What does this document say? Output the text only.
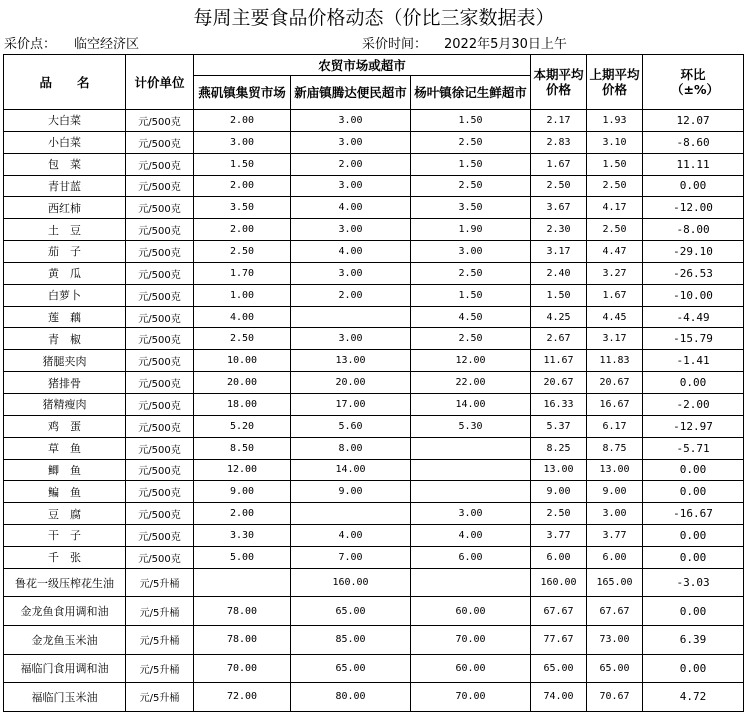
每周主要食品价格动态（价比三家数据表）
采价点： 临空经济区	采价时间： 2022年5月30日上午
品　　名	计价单位	农贸市场或超市			本期平均价格	上期平均价格	环比（±%）
		燕矶镇集贸市场	新庙镇腾达便民超市	杨叶镇徐记生鲜超市			
大白菜	元/500克	2.00	3.00	1.50	2.17	1.93	12.07
小白菜	元/500克	3.00	3.00	2.50	2.83	3.10	-8.60
包　菜	元/500克	1.50	2.00	1.50	1.67	1.50	11.11
青甘蓝	元/500克	2.00	3.00	2.50	2.50	2.50	0.00
西红柿	元/500克	3.50	4.00	3.50	3.67	4.17	-12.00
土　豆	元/500克	2.00	3.00	1.90	2.30	2.50	-8.00
茄　子	元/500克	2.50	4.00	3.00	3.17	4.47	-29.10
黄　瓜	元/500克	1.70	3.00	2.50	2.40	3.27	-26.53
白萝卜	元/500克	1.00	2.00	1.50	1.50	1.67	-10.00
莲　藕	元/500克	4.00		4.50	4.25	4.45	-4.49
青　椒	元/500克	2.50	3.00	2.50	2.67	3.17	-15.79
猪腿夹肉	元/500克	10.00	13.00	12.00	11.67	11.83	-1.41
猪排骨	元/500克	20.00	20.00	22.00	20.67	20.67	0.00
猪精瘦肉	元/500克	18.00	17.00	14.00	16.33	16.67	-2.00
鸡　蛋	元/500克	5.20	5.60	5.30	5.37	6.17	-12.97
草　鱼	元/500克	8.50	8.00		8.25	8.75	-5.71
鲫　鱼	元/500克	12.00	14.00		13.00	13.00	0.00
鳊　鱼	元/500克	9.00	9.00		9.00	9.00	0.00
豆　腐	元/500克	2.00		3.00	2.50	3.00	-16.67
干　子	元/500克	3.30	4.00	4.00	3.77	3.77	0.00
千　张	元/500克	5.00	7.00	6.00	6.00	6.00	0.00
鲁花一级压榨花生油	元/5升桶		160.00		160.00	165.00	-3.03
金龙鱼食用调和油	元/5升桶	78.00	65.00	60.00	67.67	67.67	0.00
金龙鱼玉米油	元/5升桶	78.00	85.00	70.00	77.67	73.00	6.39
福临门食用调和油	元/5升桶	70.00	65.00	60.00	65.00	65.00	0.00
福临门玉米油	元/5升桶	72.00	80.00	70.00	74.00	70.67	4.72
